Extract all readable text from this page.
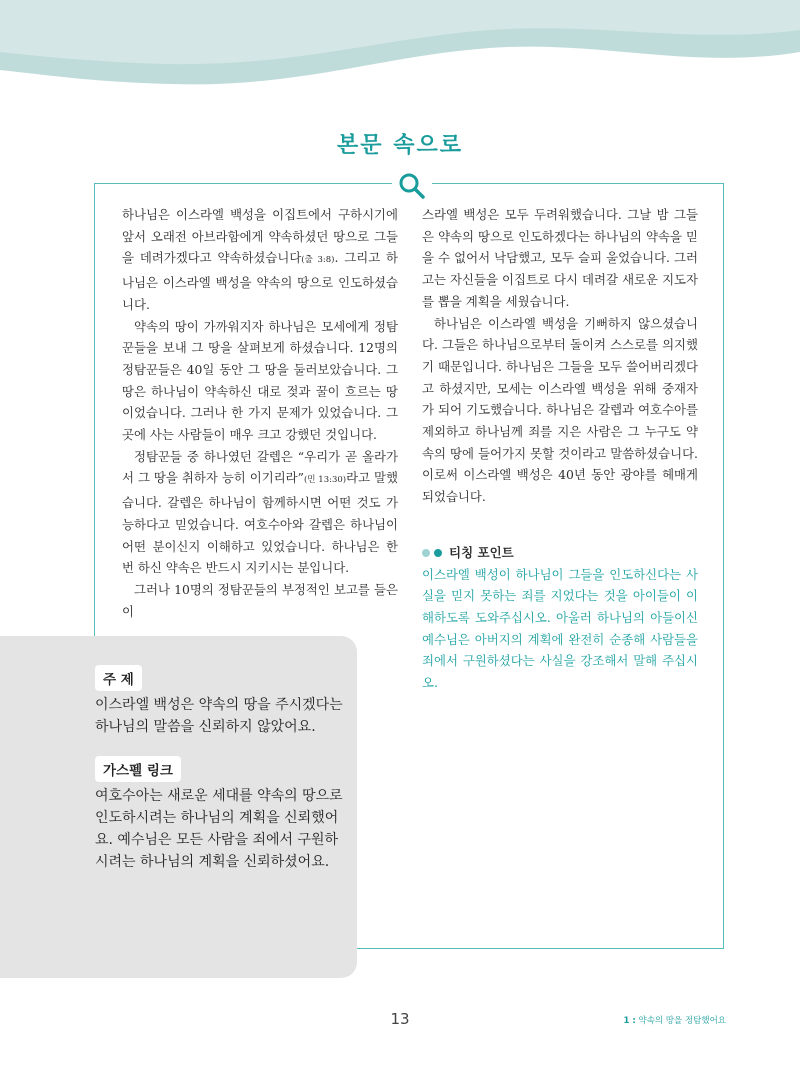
본문 속으로

하나님은 이스라엘 백성을 이집트에서 구하시기에 앞서 오래전 아브라함에게 약속하셨던 땅으로 그들을 데려가겠다고 약속하셨습니다(출 3:8). 그리고 하나님은 이스라엘 백성을 약속의 땅으로 인도하셨습니다.

약속의 땅이 가까워지자 하나님은 모세에게 정탐꾼들을 보내 그 땅을 살펴보게 하셨습니다. 12명의 정탐꾼들은 40일 동안 그 땅을 둘러보았습니다. 그 땅은 하나님이 약속하신 대로 젖과 꿀이 흐르는 땅이었습니다. 그러나 한 가지 문제가 있었습니다. 그곳에 사는 사람들이 매우 크고 강했던 것입니다.

정탐꾼들 중 하나였던 갈렙은 “우리가 곧 올라가서 그 땅을 취하자 능히 이기리라”(민 13:30)라고 말했습니다. 갈렙은 하나님이 함께하시면 어떤 것도 가능하다고 믿었습니다. 여호수아와 갈렙은 하나님이 어떤 분이신지 이해하고 있었습니다. 하나님은 한 번 하신 약속은 반드시 지키시는 분입니다.

그러나 10명의 정탐꾼들의 부정적인 보고를 들은 이

스라엘 백성은 모두 두려워했습니다. 그날 밤 그들은 약속의 땅으로 인도하겠다는 하나님의 약속을 믿을 수 없어서 낙담했고, 모두 슬피 울었습니다. 그러고는 자신들을 이집트로 다시 데려갈 새로운 지도자를 뽑을 계획을 세웠습니다.

하나님은 이스라엘 백성을 기뻐하지 않으셨습니다. 그들은 하나님으로부터 돌이켜 스스로를 의지했기 때문입니다. 하나님은 그들을 모두 쓸어버리겠다고 하셨지만, 모세는 이스라엘 백성을 위해 중재자가 되어 기도했습니다. 하나님은 갈렙과 여호수아를 제외하고 하나님께 죄를 지은 사람은 그 누구도 약속의 땅에 들어가지 못할 것이라고 말씀하셨습니다. 이로써 이스라엘 백성은 40년 동안 광야를 헤매게 되었습니다.

티칭 포인트

이스라엘 백성이 하나님이 그들을 인도하신다는 사실을 믿지 못하는 죄를 지었다는 것을 아이들이 이해하도록 도와주십시오. 아울러 하나님의 아들이신 예수님은 아버지의 계획에 완전히 순종해 사람들을 죄에서 구원하셨다는 사실을 강조해서 말해 주십시오.

주 제
이스라엘 백성은 약속의 땅을 주시겠다는 하나님의 말씀을 신뢰하지 않았어요.
가스펠 링크
여호수아는 새로운 세대를 약속의 땅으로 인도하시려는 하나님의 계획을 신뢰했어요. 예수님은 모든 사람을 죄에서 구원하시려는 하나님의 계획을 신뢰하셨어요.
13	1 : 약속의 땅을 정탐했어요
